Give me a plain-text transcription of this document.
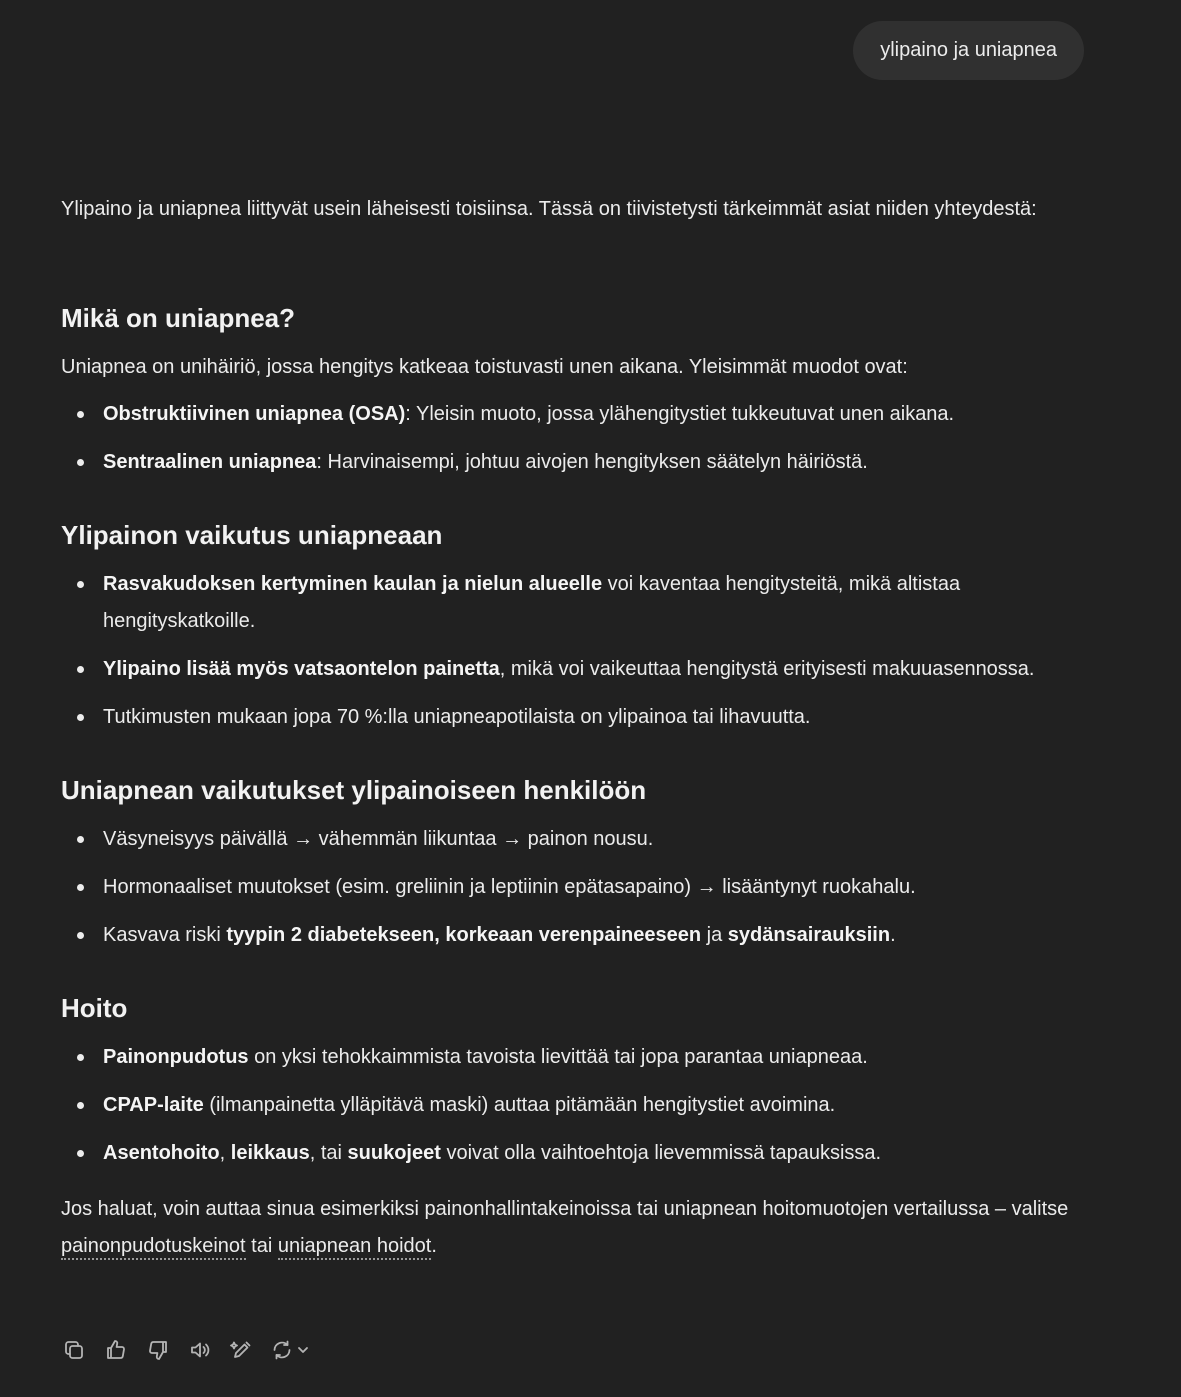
ylipaino ja uniapnea

Ylipaino ja uniapnea liittyvät usein läheisesti toisiinsa. Tässä on tiivistetysti tärkeimmät asiat niiden yhteydestä:

Mikä on uniapnea?

Uniapnea on unihäiriö, jossa hengitys katkeaa toistuvasti unen aikana. Yleisimmät muodot ovat:

Obstruktiivinen uniapnea (OSA): Yleisin muoto, jossa ylähengitystiet tukkeutuvat unen aikana.
Sentraalinen uniapnea: Harvinaisempi, johtuu aivojen hengityksen säätelyn häiriöstä.
Ylipainon vaikutus uniapneaan
Rasvakudoksen kertyminen kaulan ja nielun alueelle voi kaventaa hengitysteitä, mikä altistaa hengityskatkoille.
Ylipaino lisää myös vatsaontelon painetta, mikä voi vaikeuttaa hengitystä erityisesti makuuasennossa.
Tutkimusten mukaan jopa 70 %:lla uniapneapotilaista on ylipainoa tai lihavuutta.
Uniapnean vaikutukset ylipainoiseen henkilöön
Väsyneisyys päivällä → vähemmän liikuntaa → painon nousu.
Hormonaaliset muutokset (esim. greliinin ja leptiinin epätasapaino) → lisääntynyt ruokahalu.
Kasvava riski tyypin 2 diabetekseen, korkeaan verenpaineeseen ja sydänsairauksiin.
Hoito
Painonpudotus on yksi tehokkaimmista tavoista lievittää tai jopa parantaa uniapneaa.
CPAP-laite (ilmanpainetta ylläpitävä maski) auttaa pitämään hengitystiet avoimina.
Asentohoito, leikkaus, tai suukojeet voivat olla vaihtoehtoja lievemmissä tapauksissa.

Jos haluat, voin auttaa sinua esimerkiksi painonhallintakeinoissa tai uniapnean hoitomuotojen vertailussa – valitse painonpudotuskeinot tai uniapnean hoidot.
